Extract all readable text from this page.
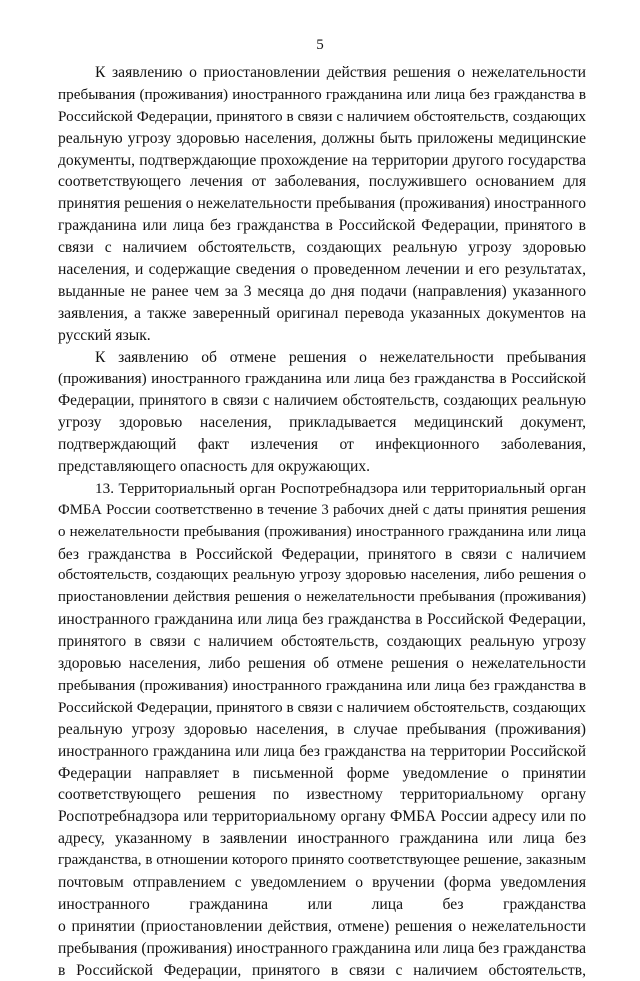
5
К заявлению о приостановлении действия решения о нежелательности
пребывания (проживания) иностранного гражданина или лица без гражданства в
Российской Федерации, принятого в связи с наличием обстоятельств, создающих
реальную угрозу здоровью населения, должны быть приложены медицинские
документы, подтверждающие прохождение на территории другого государства
соответствующего лечения от заболевания, послужившего основанием для
принятия решения о нежелательности пребывания (проживания) иностранного
гражданина или лица без гражданства в Российской Федерации, принятого в
связи с наличием обстоятельств, создающих реальную угрозу здоровью
населения, и содержащие сведения о проведенном лечении и его результатах,
выданные не ранее чем за 3 месяца до дня подачи (направления) указанного
заявления, а также заверенный оригинал перевода указанных документов на
русский язык.
К заявлению об отмене решения о нежелательности пребывания
(проживания) иностранного гражданина или лица без гражданства в Российской
Федерации, принятого в связи с наличием обстоятельств, создающих реальную
угрозу здоровью населения, прикладывается медицинский документ,
подтверждающий факт излечения от инфекционного заболевания,
представляющего опасность для окружающих.
13. Территориальный орган Роспотребнадзора или территориальный орган
ФМБА России соответственно в течение 3 рабочих дней с даты принятия решения
о нежелательности пребывания (проживания) иностранного гражданина или лица
без гражданства в Российской Федерации, принятого в связи с наличием
обстоятельств, создающих реальную угрозу здоровью населения, либо решения о
приостановлении действия решения о нежелательности пребывания (проживания)
иностранного гражданина или лица без гражданства в Российской Федерации,
принятого в связи с наличием обстоятельств, создающих реальную угрозу
здоровью населения, либо решения об отмене решения о нежелательности
пребывания (проживания) иностранного гражданина или лица без гражданства в
Российской Федерации, принятого в связи с наличием обстоятельств, создающих
реальную угрозу здоровью населения, в случае пребывания (проживания)
иностранного гражданина или лица без гражданства на территории Российской
Федерации направляет в письменной форме уведомление о принятии
соответствующего решения по известному территориальному органу
Роспотребнадзора или территориальному органу ФМБА России адресу или по
адресу, указанному в заявлении иностранного гражданина или лица без
гражданства, в отношении которого принято соответствующее решение, заказным
почтовым отправлением с уведомлением о вручении (форма уведомления
иностранного гражданина или лица без гражданства
о принятии (приостановлении действия, отмене) решения о нежелательности
пребывания (проживания) иностранного гражданина или лица без гражданства
в Российской Федерации, принятого в связи с наличием обстоятельств,
